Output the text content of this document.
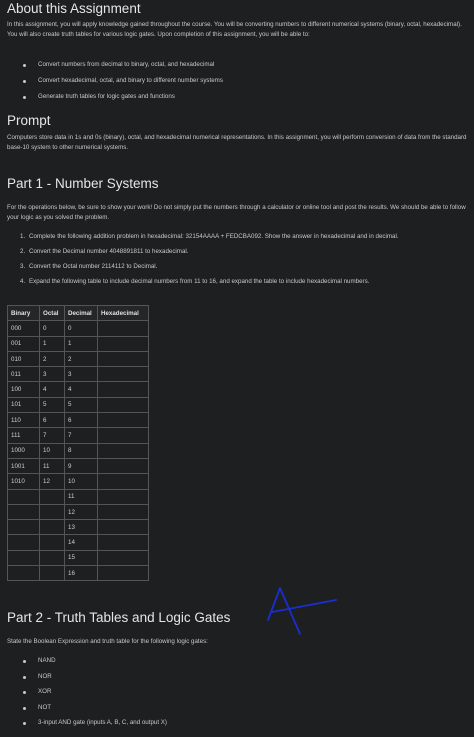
About this Assignment

In this assignment, you will apply knowledge gained throughout the course. You will be converting numbers to different numerical systems (binary, octal, hexadecimal). You will also create truth tables for various logic gates. Upon completion of this assignment, you will be able to:

Convert numbers from decimal to binary, octal, and hexadecimal
Convert hexadecimal, octal, and binary to different number systems
Generate truth tables for logic gates and functions
Prompt

Computers store data in 1s and 0s (binary), octal, and hexadecimal numerical representations. In this assignment, you will perform conversion of data from the standard base-10 system to other numerical systems.

Part 1 - Number Systems

For the operations below, be sure to show your work! Do not simply put the numbers through a calculator or online tool and post the results. We should be able to follow your logic as you solved the problem.

1. Complete the following addition problem in hexadecimal: 32154AAAA + FEDCBA092. Show the answer in hexadecimal and in decimal.
2. Convert the Decimal number 4048891811 to hexadecimal.
3. Convert the Octal number 2114112 to Decimal.
4. Expand the following table to include decimal numbers from 11 to 16, and expand the table to include hexadecimal numbers.
Binary	Octal	Decimal	Hexadecimal
000	0	0	
001	1	1	
010	2	2	
011	3	3	
100	4	4	
101	5	5	
110	6	6	
111	7	7	
1000	10	8	
1001	11	9	
1010	12	10	
		11	
		12	
		13	
		14	
		15	
		16	
Part 2 - Truth Tables and Logic Gates

State the Boolean Expression and truth table for the following logic gates:

NAND
NOR
XOR
NOT
3-input AND gate (inputs A, B, C, and output X)
